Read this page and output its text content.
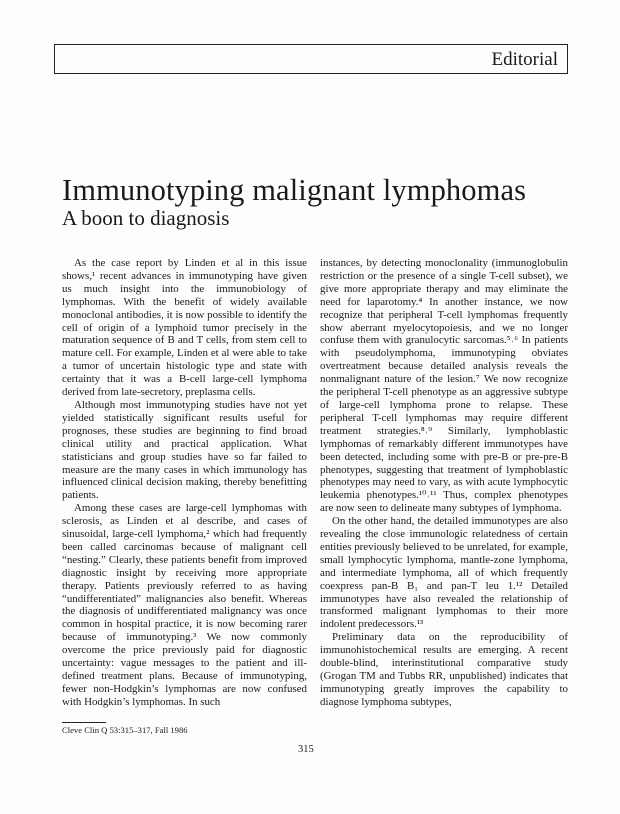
Editorial
Immunotyping malignant lymphomas
A boon to diagnosis

As the case report by Linden et al in this issue shows,¹ recent advances in immunotyping have given us much insight into the immunobiology of lymphomas. With the benefit of widely available monoclonal antibodies, it is now possible to identify the cell of origin of a lymphoid tumor precisely in the maturation sequence of B and T cells, from stem cell to mature cell. For example, Linden et al were able to take a tumor of uncertain histologic type and state with certainty that it was a B-cell large-cell lymphoma derived from late-secretory, preplasma cells.

Although most immunotyping studies have not yet yielded statistically significant results useful for prognoses, these studies are beginning to find broad clinical utility and practical application. What statisticians and group studies have so far failed to measure are the many cases in which immunology has influenced clinical decision making, thereby benefitting patients.

Among these cases are large-cell lymphomas with sclerosis, as Linden et al describe, and cases of sinusoidal, large-cell lymphoma,² which had frequently been called carcinomas because of malignant cell “nesting.” Clearly, these patients benefit from improved diagnostic insight by receiving more appropriate therapy. Patients previously referred to as having “undifferentiated” malignancies also benefit. Whereas the diagnosis of undifferentiated malignancy was once common in hospital practice, it is now becoming rarer because of immunotyping.³ We now commonly overcome the price previously paid for diagnostic uncertainty: vague messages to the patient and ill-defined treatment plans. Because of immunotyping, fewer non-Hodgkin’s lymphomas are now confused with Hodgkin’s lymphomas. In such

instances, by detecting monoclonality (immunoglobulin restriction or the presence of a single T-cell subset), we give more appropriate therapy and may eliminate the need for laparotomy.⁴ In another instance, we now recognize that peripheral T-cell lymphomas frequently show aberrant myelocytopoiesis, and we no longer confuse them with granulocytic sarcomas.⁵˒⁶ In patients with pseudolymphoma, immunotyping obviates overtreatment because detailed analysis reveals the nonmalignant nature of the lesion.⁷ We now recognize the peripheral T-cell phenotype as an aggressive subtype of large-cell lymphoma prone to relapse. These peripheral T-cell lymphomas may require different treatment strategies.⁸˒⁹ Similarly, lymphoblastic lymphomas of remarkably different immunotypes have been detected, including some with pre-B or pre-pre-B phenotypes, suggesting that treatment of lymphoblastic phenotypes may need to vary, as with acute lymphocytic leukemia phenotypes.¹⁰˒¹¹ Thus, complex phenotypes are now seen to delineate many subtypes of lymphoma.

On the other hand, the detailed immunotypes are also revealing the close immunologic relatedness of certain entities previously believed to be unrelated, for example, small lymphocytic lymphoma, mantle-zone lymphoma, and intermediate lymphoma, all of which frequently coexpress pan-B B₁ and pan-T leu 1.¹² Detailed immunotypes have also revealed the relationship of transformed malignant lymphomas to their more indolent predecessors.¹³

Preliminary data on the reproducibility of immunohistochemical results are emerging. A recent double-blind, interinstitutional comparative study (Grogan TM and Tubbs RR, unpublished) indicates that immunotyping greatly improves the capability to diagnose lymphoma subtypes,

Cleve Clin Q 53:315–317, Fall 1986
315
